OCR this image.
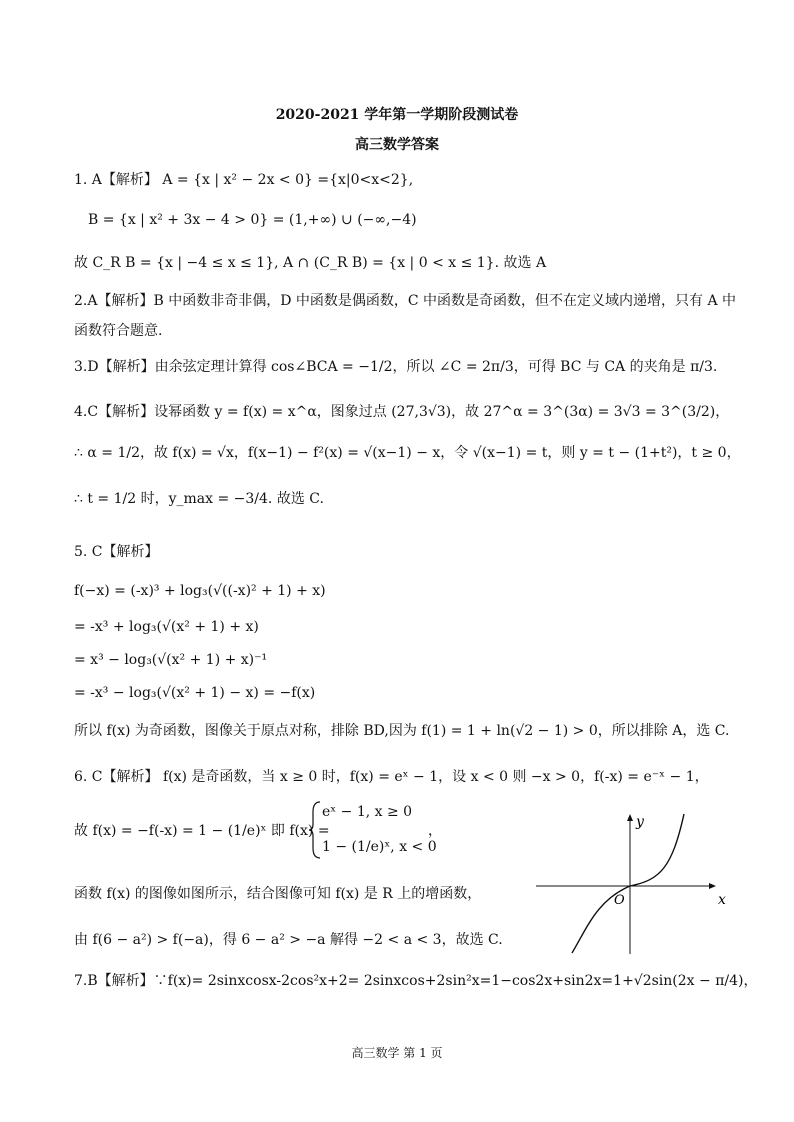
2020-2021 学年第一学期阶段测试卷
高三数学答案
1. A【解析】 A = {x | x² − 2x < 0} ={x|0<x<2},
B = {x | x² + 3x − 4 > 0} = (1,+∞) ∪ (−∞,−4)
故 C_R B = {x | −4 ≤ x ≤ 1}, A ∩ (C_R B) = {x | 0 < x ≤ 1}. 故选 A
2.A【解析】B 中函数非奇非偶，D 中函数是偶函数，C 中函数是奇函数，但不在定义域内递增，只有 A 中
函数符合题意.
3.D【解析】由余弦定理计算得 cos∠BCA = −1/2，所以 ∠C = 2π/3，可得 BC 与 CA 的夹角是 π/3.
4.C【解析】设幂函数 y = f(x) = x^α，图象过点 (27,3√3)，故 27^α = 3^(3α) = 3√3 = 3^(3/2)，
∴ α = 1/2，故 f(x) = √x，f(x−1) − f²(x) = √(x−1) − x，令 √(x−1) = t，则 y = t − (1+t²)，t ≥ 0，
∴ t = 1/2 时，y_max = −3/4. 故选 C.
5. C【解析】
f(−x) = (-x)³ + log₃(√((-x)² + 1) + x)
= -x³ + log₃(√(x² + 1) + x)
= x³ − log₃(√(x² + 1) + x)⁻¹
= -x³ − log₃(√(x² + 1) − x) = −f(x)
所以 f(x) 为奇函数，图像关于原点对称，排除 BD,因为 f(1) = 1 + ln(√2 − 1) > 0，所以排除 A，选 C.
6. C【解析】 f(x) 是奇函数，当 x ≥ 0 时，f(x) = eˣ − 1，设 x < 0 则 −x > 0，f(-x) = e⁻ˣ − 1，
故 f(x) = −f(-x) = 1 − (1/e)ˣ 即 f(x) =
eˣ − 1, x ≥ 0
1 − (1/e)ˣ, x < 0
，
函数 f(x) 的图像如图所示，结合图像可知 f(x) 是 R 上的增函数，
由 f(6 − a²) > f(−a)，得 6 − a² > −a 解得 −2 < a < 3，故选 C.
x
y
O
7.B【解析】∵f(x)= 2sinxcosx-2cos²x+2= 2sinxcos+2sin²x=1−cos2x+sin2x=1+√2sin(2x − π/4)，
高三数学 第 1 页
